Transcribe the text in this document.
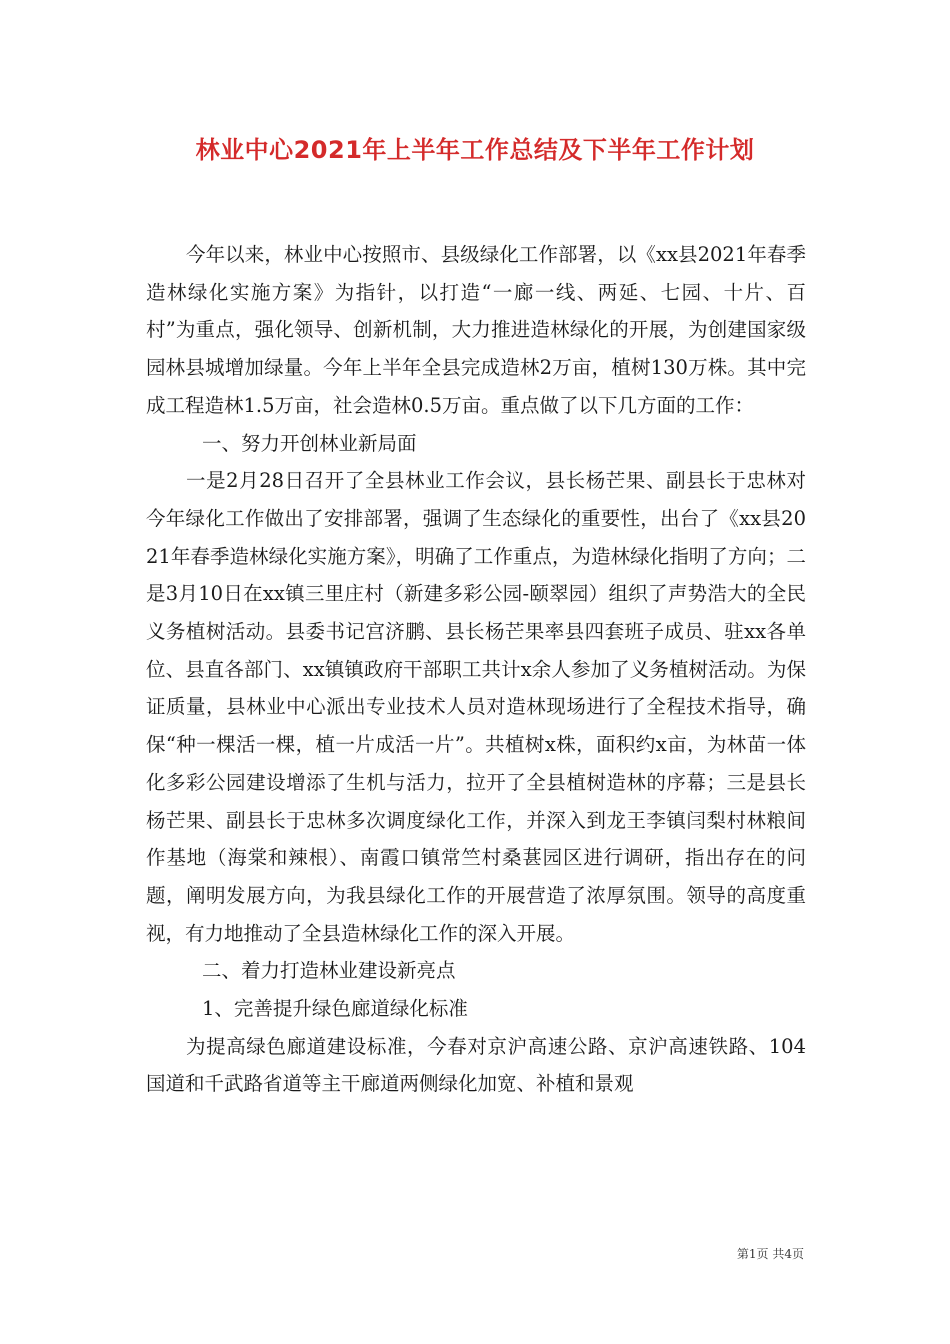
林业中心2021年上半年工作总结及下半年工作计划

今年以来，林业中心按照市、县级绿化工作部署，以《xx县2021年春季造林绿化实施方案》为指针，以打造“一廊一线、两延、七园、十片、百村”为重点，强化领导、创新机制，大力推进造林绿化的开展，为创建国家级园林县城增加绿量。今年上半年全县完成造林2万亩，植树130万株。其中完成工程造林1.5万亩，社会造林0.5万亩。重点做了以下几方面的工作：

一、努力开创林业新局面

一是2月28日召开了全县林业工作会议，县长杨芒果、副县长于忠林对今年绿化工作做出了安排部署，强调了生态绿化的重要性，出台了《xx县2021年春季造林绿化实施方案》，明确了工作重点，为造林绿化指明了方向；二是3月10日在xx镇三里庄村（新建多彩公园-颐翠园）组织了声势浩大的全民义务植树活动。县委书记宫济鹏、县长杨芒果率县四套班子成员、驻xx各单位、县直各部门、xx镇镇政府干部职工共计x余人参加了义务植树活动。为保证质量，县林业中心派出专业技术人员对造林现场进行了全程技术指导，确保“种一棵活一棵，植一片成活一片”。共植树x株，面积约x亩，为林苗一体化多彩公园建设增添了生机与活力，拉开了全县植树造林的序幕；三是县长杨芒果、副县长于忠林多次调度绿化工作，并深入到龙王李镇闫梨村林粮间作基地（海棠和辣根）、南霞口镇常竺村桑葚园区进行调研，指出存在的问题，阐明发展方向，为我县绿化工作的开展营造了浓厚氛围。领导的高度重视，有力地推动了全县造林绿化工作的深入开展。

二、着力打造林业建设新亮点

1、完善提升绿色廊道绿化标准

为提高绿色廊道建设标准，今春对京沪高速公路、京沪高速铁路、104国道和千武路省道等主干廊道两侧绿化加宽、补植和景观

第1页 共4页
